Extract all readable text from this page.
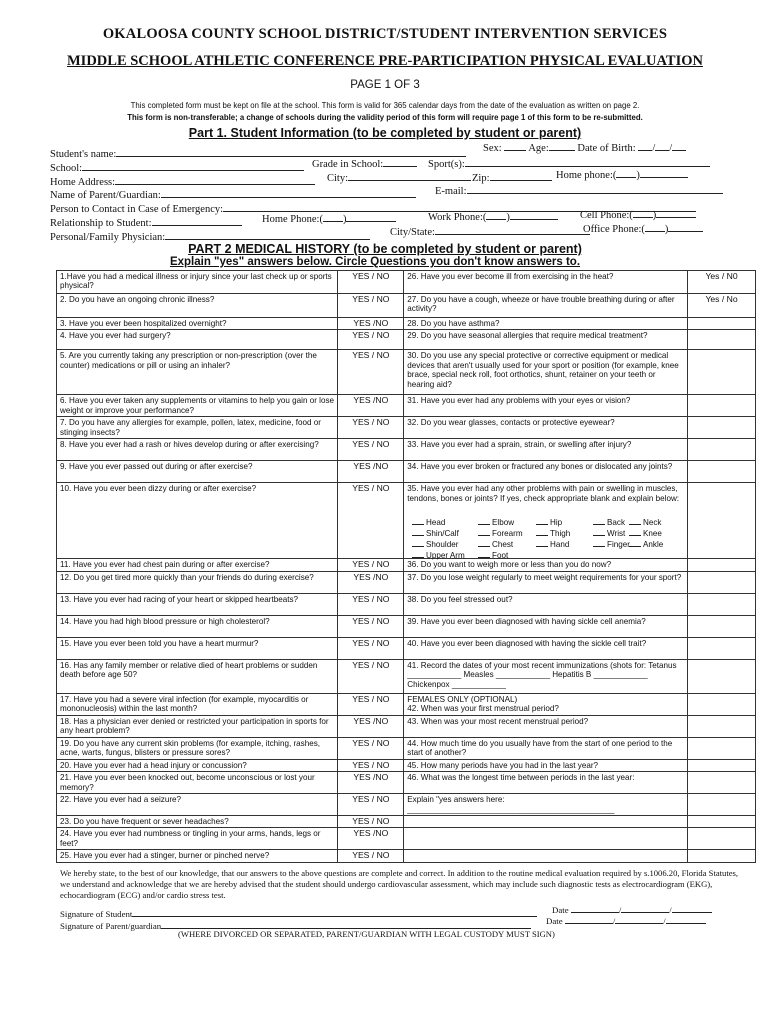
OKALOOSA COUNTY SCHOOL DISTRICT/STUDENT INTERVENTION SERVICES
MIDDLE SCHOOL ATHLETIC CONFERENCE PRE-PARTICIPATION PHYSICAL EVALUATION
PAGE 1 OF 3
This completed form must be kept on file at the school. This form is valid for 365 calendar days from the date of the evaluation as written on page 2.
This form is non-transferable; a change of schools during the validity period of this form will require page 1 of this form to be re-submitted.
Part 1. Student Information (to be completed by student or parent)
Student's name:
Sex:	Age:	Date of Birth: / /
School:	Grade in School:	Sport(s):
Home Address:	City:	Zip:	Home phone:( )
Name of Parent/Guardian:	E-mail:
Person to Contact in Case of Emergency:
Relationship to Student:	Home Phone:( )	Work Phone:( )	Cell Phone:( )
Personal/Family Physician:	City/State:	Office Phone:( )
PART 2 MEDICAL HISTORY (to be completed by student or parent)
Explain "yes" answers below. Circle Questions you don't know answers to.
1.Have you had a medical illness or injury since your last check up or sports physical?	YES / NO	26. Have you ever become ill from exercising in the heat?	Yes / N0
2. Do you have an ongoing chronic illness?	YES / NO	27. Do you have a cough, wheeze or have trouble breathing during or after activity?	Yes / No
3. Have you ever been hospitalized overnight?	YES /NO	28. Do you have asthma?	
4. Have you ever had surgery?	YES / NO	29. Do you have seasonal allergies that require medical treatment?	
5. Are you currently taking any prescription or non-prescription (over the counter) medications or pill or using an inhaler?	YES / NO	30. Do you use any special protective or corrective equipment or medical devices that aren't usually used for your sport or position (for example, knee brace, special neck roll, foot orthotics, shunt, retainer on your teeth or hearing aid?	
6. Have you ever taken any supplements or vitamins to help you gain or lose weight or improve your performance?	YES /NO	31. Have you ever had any problems with your eyes or vision?	
7. Do you have any allergies for example, pollen, latex, medicine, food or stinging insects?	YES / NO	32. Do you wear glasses, contacts or protective eyewear?	
8. Have you ever had a rash or hives develop during or after exercising?	YES / NO	33. Have you ever had a sprain, strain, or swelling after injury?	
9. Have you ever passed out during or after exercise?	YES /NO	34. Have you ever broken or fractured any bones or dislocated any joints?	
10. Have you ever been dizzy during or after exercise?	YES / NO	35. Have you ever had any other problems with pain or swelling in muscles, tendons, bones or joints? If yes, check appropriate blank and explain below:	
11. Have you ever had chest pain during or after exercise?	YES / NO	36. Do you want to weigh more or less than you do now?	
12. Do you get tired more quickly than your friends do during exercise?	YES /NO	37. Do you lose weight regularly to meet weight requirements for your sport?	
13. Have you ever had racing of your heart or skipped heartbeats?	YES / NO	38. Do you feel stressed out?	
14. Have you had high blood pressure or high cholesterol?	YES / NO	39. Have you ever been diagnosed with having sickle cell anemia?	
15. Have you ever been told you have a heart murmur?	YES / NO	40. Have you ever been diagnosed with having the sickle cell trait?	
16. Has any family member or relative died of heart problems or sudden death before age 50?	YES / NO	41. Record the dates of your most recent immunizations (shots for: Tetanus ____________ Measles ____________ Hepatitis B ____________ Chickenpox ____________	
17. Have you had a severe viral infection (for example, myocarditis or mononucleosis) within the last month?	YES / NO	FEMALES ONLY (OPTIONAL)
42. When was your first menstrual period?	
18. Has a physician ever denied or restricted your participation in sports for any heart problem?	YES /NO	43. When was your most recent menstrual period?	
19. Do you have any current skin problems (for example, itching, rashes, acne, warts, fungus, blisters or pressure sores?	YES / NO	44. How much time do you usually have from the start of one period to the start of another?	
20. Have you ever had a head injury or concussion?	YES / NO	45. How many periods have you had in the last year?	
21. Have you ever been knocked out, become unconscious or lost your memory?	YES /NO	46. What was the longest time between periods in the last year:	
22. Have you ever had a seizure?	YES / NO	Explain "yes answers here: ______________________________________________	
23. Do you have frequent or sever headaches?	YES / NO		
24. Have you ever had numbness or tingling in your arms, hands, legs or feet?	YES /NO		
25. Have you ever had a stinger, burner or pinched nerve?	YES / NO		
Head	Elbow	Hip	Back	Neck
Shin/Calf	Forearm	Thigh	Wrist	Knee
Shoulder	Chest	Hand	Finger	Ankle
Upper Arm	Foot
We hereby state, to the best of our knowledge, that our answers to the above questions are complete and correct. In addition to the routine medical evaluation required by s.1006.20, Florida Statutes, we understand and acknowledge that we are hereby advised that the student should undergo cardiovascular assessment, which may include such diagnostic tests as electrocardiogram (EKG), echocardiogram (ECG) and/or cardio stress test.
Signature of Student	Date	/	/
Signature of Parent/guardian	Date	/	/
(WHERE DIVORCED OR SEPARATED, PARENT/GUARDIAN WITH LEGAL CUSTODY MUST SIGN)
